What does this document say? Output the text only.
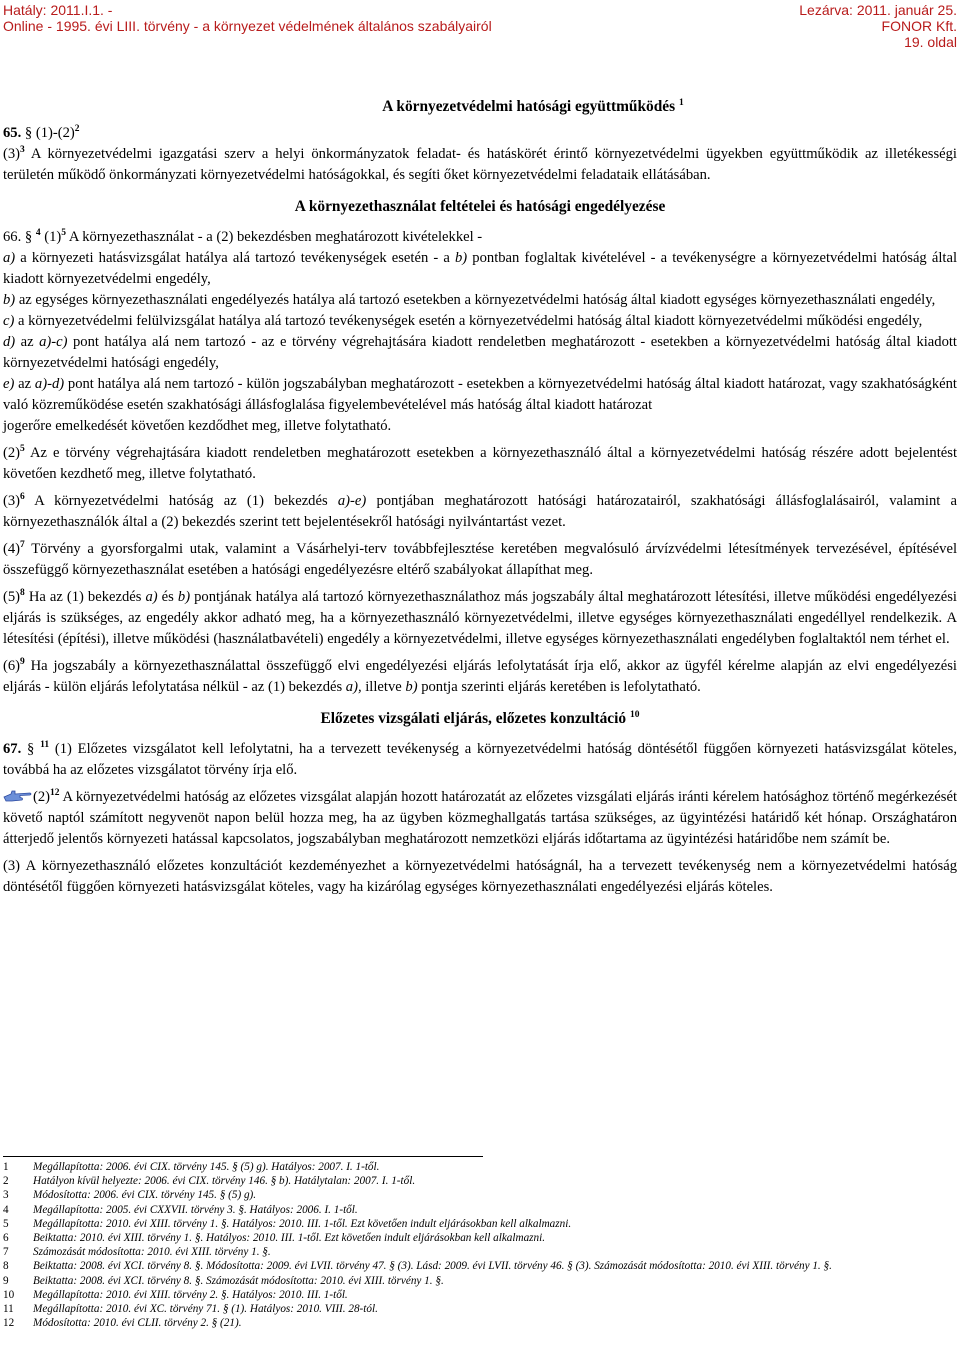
Hatály: 2011.I.1. -
Online - 1995. évi LIII. törvény - a környezet védelmének általános szabályairól
Lezárva: 2011. január 25.
FONOR Kft.
19. oldal
A környezetvédelmi hatósági együttműködés $^1$

65. § $(1)-(2)^2$

$(3)^3$ A környezetvédelmi igazgatási szerv a helyi önkormányzatok feladat- és hatáskörét érintő környezetvédelmi ügyekben együttműködik az illetékességi területén működő önkormányzati környezetvédelmi hatóságokkal, és segíti őket környezetvédelmi feladataik ellátásában.

A környezethasználat feltételei és hatósági engedélyezése

66. § $^4$ $(1)^5$ A környezethasználat - a (2) bekezdésben meghatározott kivételekkel -

a) a környezeti hatásvizsgálat hatálya alá tartozó tevékenységek esetén - a b) pontban foglaltak kivételével - a tevékenységre a környezetvédelmi hatóság által kiadott környezetvédelmi engedély,

b) az egységes környezethasználati engedélyezés hatálya alá tartozó esetekben a környezetvédelmi hatóság által kiadott egységes környezethasználati engedély,

c) a környezetvédelmi felülvizsgálat hatálya alá tartozó tevékenységek esetén a környezetvédelmi hatóság által kiadott környezetvédelmi működési engedély,

d) az a)-c) pont hatálya alá nem tartozó - az e törvény végrehajtására kiadott rendeletben meghatározott - esetekben a környezetvédelmi hatóság által kiadott környezetvédelmi hatósági engedély,

e) az a)-d) pont hatálya alá nem tartozó - külön jogszabályban meghatározott - esetekben a környezetvédelmi hatóság által kiadott határozat, vagy szakhatóságként való közreműködése esetén szakhatósági állásfoglalása figyelembevételével más hatóság által kiadott határozat

jogerőre emelkedését követően kezdődhet meg, illetve folytatható.

$(2)^5$ Az e törvény végrehajtására kiadott rendeletben meghatározott esetekben a környezethasználó által a környezetvédelmi hatóság részére adott bejelentést követően kezdhető meg, illetve folytatható.

$(3)^6$ A környezetvédelmi hatóság az (1) bekezdés a)-e) pontjában meghatározott hatósági határozatairól, szakhatósági állásfoglalásairól, valamint a környezethasználók által a (2) bekezdés szerint tett bejelentésekről hatósági nyilvántartást vezet.

$(4)^7$ Törvény a gyorsforgalmi utak, valamint a Vásárhelyi-terv továbbfejlesztése keretében megvalósuló árvízvédelmi létesítmények tervezésével, építésével összefüggő környezethasználat esetében a hatósági engedélyezésre eltérő szabályokat állapíthat meg.

$(5)^8$ Ha az (1) bekezdés a) és b) pontjának hatálya alá tartozó környezethasználathoz más jogszabály által meghatározott létesítési, illetve működési engedélyezési eljárás is szükséges, az engedély akkor adható meg, ha a környezethasználó környezetvédelmi, illetve egységes környezethasználati engedéllyel rendelkezik. A létesítési (építési), illetve működési (használatbavételi) engedély a környezetvédelmi, illetve egységes környezethasználati engedélyben foglaltaktól nem térhet el.

$(6)^9$ Ha jogszabály a környezethasználattal összefüggő elvi engedélyezési eljárás lefolytatását írja elő, akkor az ügyfél kérelme alapján az elvi engedélyezési eljárás - külön eljárás lefolytatása nélkül - az (1) bekezdés a), illetve b) pontja szerinti eljárás keretében is lefolytatható.

Előzetes vizsgálati eljárás, előzetes konzultáció $^{10}$

67. § $^{11}$ (1) Előzetes vizsgálatot kell lefolytatni, ha a tervezett tevékenység a környezetvédelmi hatóság döntésétől függően környezeti hatásvizsgálat köteles, továbbá ha az előzetes vizsgálatot törvény írja elő.

$(2)^{12}$ A környezetvédelmi hatóság az előzetes vizsgálat alapján hozott határozatát az előzetes vizsgálati eljárás iránti kérelem hatósághoz történő megérkezését követő naptól számított negyvenöt napon belül hozza meg, ha az ügyben közmeghallgatás tartása szükséges, az ügyintézési határidő két hónap. Országhatáron átterjedő jelentős környezeti hatással kapcsolatos, jogszabályban meghatározott nemzetközi eljárás időtartama az ügyintézési határidőbe nem számít be.

(3) A környezethasználó előzetes konzultációt kezdeményezhet a környezetvédelmi hatóságnál, ha a tervezett tevékenység nem a környezetvédelmi hatóság döntésétől függően környezeti hatásvizsgálat köteles, vagy ha kizárólag egységes környezethasználati engedélyezési eljárás köteles.

1 Megállapította: 2006. évi CIX. törvény 145. § (5) g). Hatályos: 2007. I. 1-től.
2 Hatályon kívül helyezte: 2006. évi CIX. törvény 146. § b). Hatálytalan: 2007. I. 1-től.
3 Módosította: 2006. évi CIX. törvény 145. § (5) g).
4 Megállapította: 2005. évi CXXVII. törvény 3. §. Hatályos: 2006. I. 1-től.
5 Megállapította: 2010. évi XIII. törvény 1. §. Hatályos: 2010. III. 1-től. Ezt követően indult eljárásokban kell alkalmazni.
6 Beiktatta: 2010. évi XIII. törvény 1. §. Hatályos: 2010. III. 1-től. Ezt követően indult eljárásokban kell alkalmazni.
7 Számozását módosította: 2010. évi XIII. törvény 1. §.
8 Beiktatta: 2008. évi XCI. törvény 8. §. Módosította: 2009. évi LVII. törvény 47. § (3). Lásd: 2009. évi LVII. törvény 46. § (3). Számozását módosította: 2010. évi XIII. törvény 1. §.
9 Beiktatta: 2008. évi XCI. törvény 8. §. Számozását módosította: 2010. évi XIII. törvény 1. §.
10 Megállapította: 2010. évi XIII. törvény 2. §. Hatályos: 2010. III. 1-től.
11 Megállapította: 2010. évi XC. törvény 71. § (1). Hatályos: 2010. VIII. 28-tól.
12 Módosította: 2010. évi CLII. törvény 2. § (21).
